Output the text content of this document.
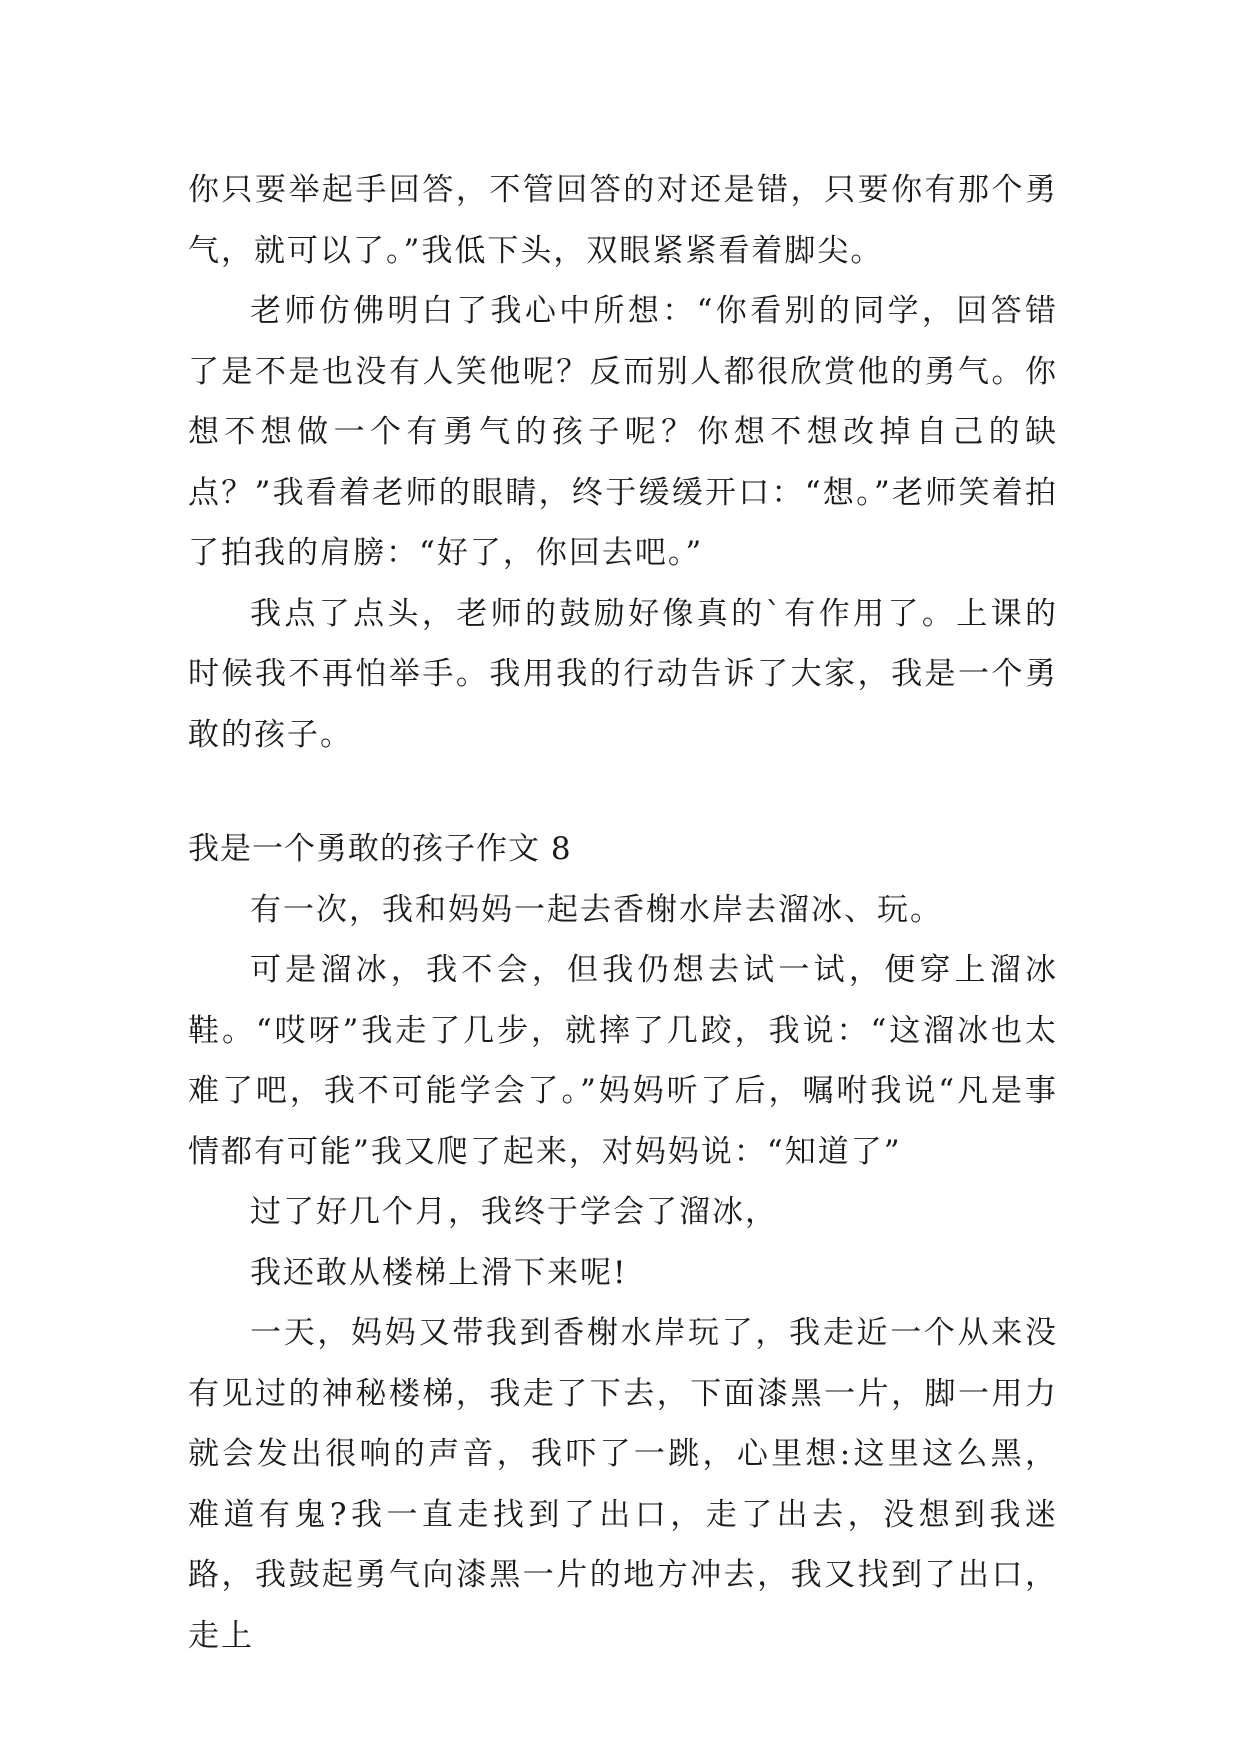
你只要举起手回答，不管回答的对还是错，只要你有那个勇气，就可以了。”我低下头，双眼紧紧看着脚尖。

老师仿佛明白了我心中所想：“你看别的同学，回答错了是不是也没有人笑他呢？反而别人都很欣赏他的勇气。你想不想做一个有勇气的孩子呢？你想不想改掉自己的缺点？”我看着老师的眼睛，终于缓缓开口：“想。”老师笑着拍了拍我的肩膀：“好了，你回去吧。”

我点了点头，老师的鼓励好像真的`有作用了。上课的时候我不再怕举手。我用我的行动告诉了大家，我是一个勇敢的孩子。

我是一个勇敢的孩子作文 8

有一次，我和妈妈一起去香榭水岸去溜冰、玩。

可是溜冰，我不会，但我仍想去试一试，便穿上溜冰鞋。“哎呀”我走了几步，就摔了几跤，我说：“这溜冰也太难了吧，我不可能学会了。”妈妈听了后，嘱咐我说“凡是事情都有可能”我又爬了起来，对妈妈说：“知道了”

过了好几个月，我终于学会了溜冰，

我还敢从楼梯上滑下来呢!

一天，妈妈又带我到香榭水岸玩了，我走近一个从来没有见过的神秘楼梯，我走了下去，下面漆黑一片，脚一用力就会发出很响的声音，我吓了一跳，心里想:这里这么黑，难道有鬼?我一直走找到了出口，走了出去，没想到我迷路，我鼓起勇气向漆黑一片的地方冲去，我又找到了出口，走上
